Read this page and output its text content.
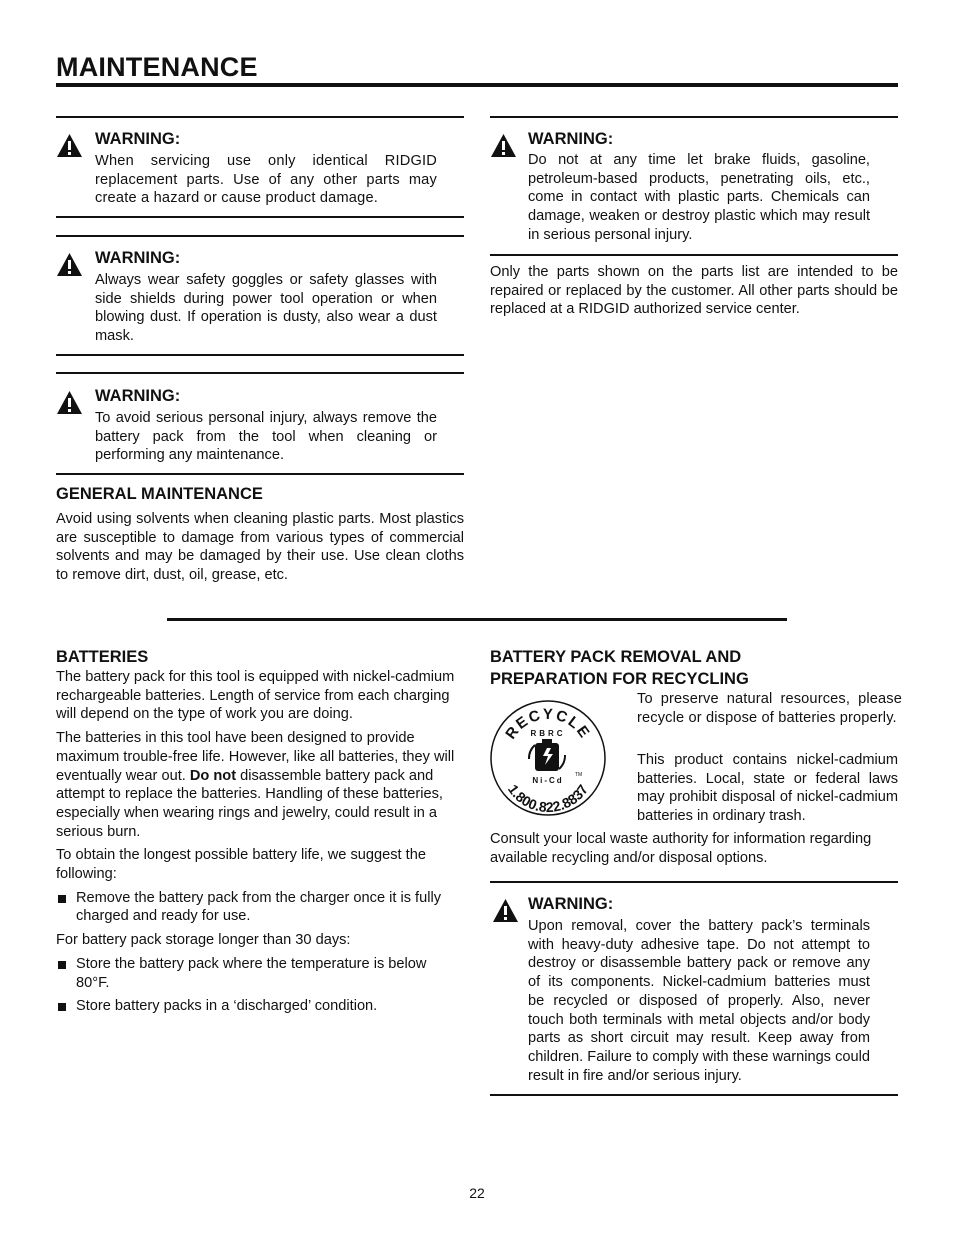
MAINTENANCE
WARNING:
When servicing use only identical RIDGID replacement parts. Use of any other parts may create a hazard or cause product damage.
WARNING:
Always wear safety goggles or safety glasses with side shields during power tool operation or when blowing dust. If operation is dusty, also wear a dust mask.
WARNING:
To avoid serious personal injury, always remove the battery pack from the tool when cleaning or performing any maintenance.
GENERAL MAINTENANCE
Avoid using solvents when cleaning plastic parts. Most plastics are susceptible to damage from various types of commercial solvents and may be damaged by their use. Use clean cloths to remove dirt, dust, oil, grease, etc.
WARNING:
Do not at any time let brake fluids, gasoline, petroleum-based products, penetrating oils, etc., come in contact with plastic parts. Chemicals can damage, weaken or destroy plastic which may result in serious personal injury.
Only the parts shown on the parts list are intended to be repaired or replaced by the customer. All other parts should be replaced at a RIDGID authorized service center.
BATTERIES

The battery pack for this tool is equipped with nickel-cadmium rechargeable batteries. Length of service from each charging will depend on the type of work you are doing.

The batteries in this tool have been designed to provide maximum trouble-free life. However, like all batteries, they will eventually wear out. Do not disassemble battery pack and attempt to replace the batteries. Handling of these batteries, especially when wearing rings and jewelry, could result in a serious burn.

To obtain the longest possible battery life, we suggest the following:

Remove the battery pack from the charger once it is fully charged and ready for use.

For battery pack storage longer than 30 days:

Store the battery pack where the temperature is below 80°F.
Store battery packs in a ‘discharged’ condition.
BATTERY PACK REMOVAL AND
PREPARATION FOR RECYCLING
RECYCLE
RBRC
TM
Ni-Cd
1.800.822.8837
To preserve natural resources, please recycle or dispose of batteries properly.
This product contains nickel-cadmium batteries. Local, state or federal laws may prohibit disposal of nickel-cadmium batteries in ordinary trash.
Consult your local waste authority for information regarding available recycling and/or disposal options.
WARNING:
Upon removal, cover the battery pack’s terminals with heavy-duty adhesive tape. Do not attempt to destroy or disassemble battery pack or remove any of its components. Nickel-cadmium batteries must be recycled or disposed of properly. Also, never touch both terminals with metal objects and/or body parts as short circuit may result. Keep away from children. Failure to comply with these warnings could result in fire and/or serious injury.
22
